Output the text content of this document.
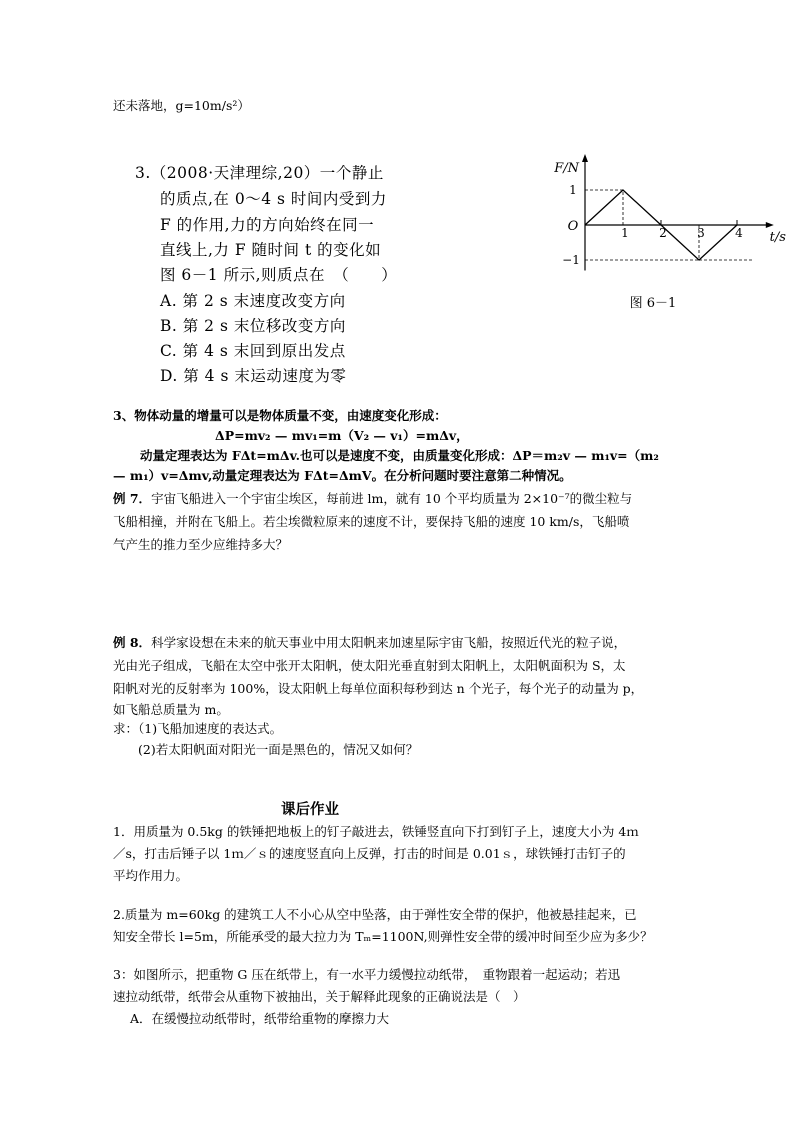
还未落地，g=10m/s²）
3.（2008·天津理综,20）一个静止
的质点,在 0～4 s 时间内受到力
F 的作用,力的方向始终在同一
直线上,力 F 随时间 t 的变化如
图 6－1 所示,则质点在　（　　）
A. 第 2 s 末速度改变方向
B. 第 2 s 末位移改变方向
C. 第 4 s 末回到原出发点
D. 第 4 s 末运动速度为零
F/N
t/s
O	1	2	3	4
1
−1
图 6－1
3、物体动量的增量可以是物体质量不变，由速度变化形成：
ΔP=mv₂ — mv₁=m（V₂ — v₁）=mΔv，
动量定理表达为 FΔt=mΔv.也可以是速度不变，由质量变化形成：ΔP＝m₂v — m₁v=（m₂
— m₁）v=Δmv,动量定理表达为 FΔt=ΔmV。在分析问题时要注意第二种情况。
例 7．宇宙飞船进入一个宇宙尘埃区，每前进 lm，就有 10 个平均质量为 2×10⁻⁷的微尘粒与
飞船相撞，并附在飞船上。若尘埃微粒原来的速度不计，要保持飞船的速度 10 km/s，飞船喷
气产生的推力至少应维持多大？
例 8．科学家设想在未来的航天事业中用太阳帆来加速星际宇宙飞船，按照近代光的粒子说，
光由光子组成，飞船在太空中张开太阳帆，使太阳光垂直射到太阳帆上，太阳帆面积为 S，太
阳帆对光的反射率为 100%，设太阳帆上每单位面积每秒到达 n 个光子，每个光子的动量为 p，
如飞船总质量为 m。
求：（1)飞船加速度的表达式。
(2)若太阳帆面对阳光一面是黑色的，情况又如何？
课后作业
1．用质量为 0.5kg 的铁锤把地板上的钉子敲进去，铁锤竖直向下打到钉子上，速度大小为 4ｍ
／s，打击后锤子以 1ｍ／ｓ的速度竖直向上反弹，打击的时间是 0.01ｓ，球铁锤打击钉子的
平均作用力。
2.质量为 m=60kg 的建筑工人不小心从空中坠落，由于弹性安全带的保护，他被悬挂起来，已
知安全带长 l=5m，所能承受的最大拉力为 Tₘ=1100N,则弹性安全带的缓冲时间至少应为多少？
3：如图所示，把重物 G 压在纸带上，有一水平力缓慢拉动纸带，　重物跟着一起运动；若迅
速拉动纸带，纸带会从重物下被抽出，关于解释此现象的正确说法是（　）
A．在缓慢拉动纸带时，纸带给重物的摩擦力大
